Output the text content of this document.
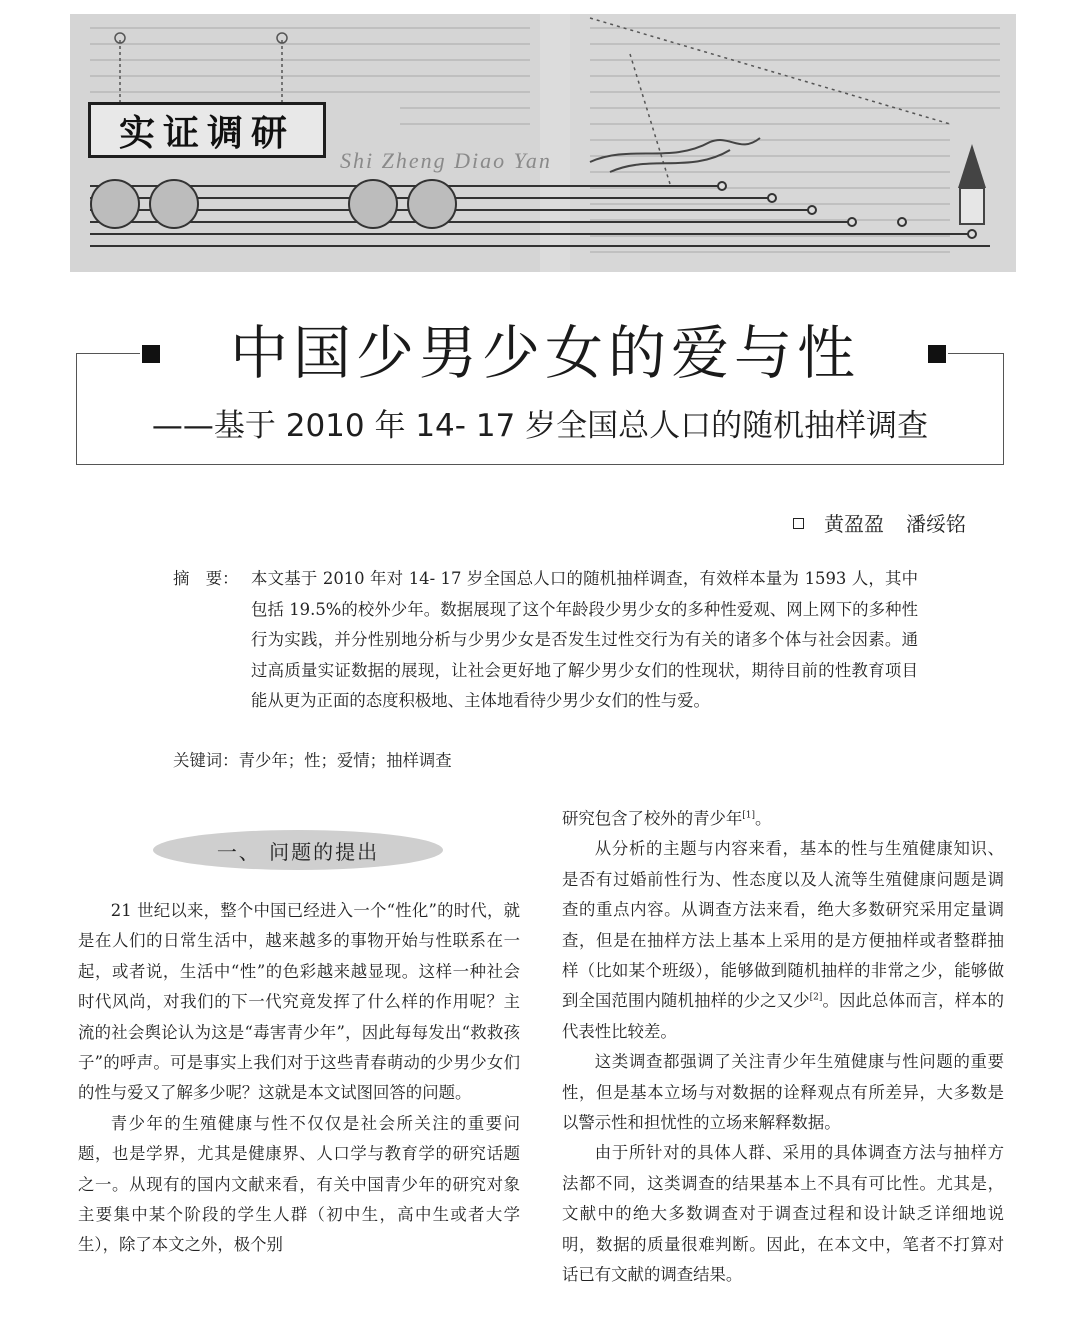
实证调研
Shi Zheng Diao Yan
中国少男少女的爱与性
——基于 2010 年 14- 17 岁全国总人口的随机抽样调查
黄盈盈 潘绥铭
摘　要： 本文基于 2010 年对 14- 17 岁全国总人口的随机抽样调查，有效样本量为 1593 人，其中包括 19.5%的校外少年。数据展现了这个年龄段少男少女的多种性爱观、网上网下的多种性行为实践，并分性别地分析与少男少女是否发生过性交行为有关的诸多个体与社会因素。通过高质量实证数据的展现，让社会更好地了解少男少女们的性现状，期待目前的性教育项目能从更为正面的态度积极地、主体地看待少男少女们的性与爱。
关键词：青少年；性；爱情；抽样调查
一、 问题的提出

21 世纪以来，整个中国已经进入一个“性化”的时代，就是在人们的日常生活中，越来越多的事物开始与性联系在一起，或者说，生活中“性”的色彩越来越显现。这样一种社会时代风尚，对我们的下一代究竟发挥了什么样的作用呢？主流的社会舆论认为这是“毒害青少年”，因此每每发出“救救孩子”的呼声。可是事实上我们对于这些青春萌动的少男少女们的性与爱又了解多少呢？这就是本文试图回答的问题。

青少年的生殖健康与性不仅仅是社会所关注的重要问题，也是学界，尤其是健康界、人口学与教育学的研究话题之一。从现有的国内文献来看，有关中国青少年的研究对象主要集中某个阶段的学生人群（初中生，高中生或者大学生），除了本文之外，极个别

研究包含了校外的青少年[1]。

从分析的主题与内容来看，基本的性与生殖健康知识、是否有过婚前性行为、性态度以及人流等生殖健康问题是调查的重点内容。从调查方法来看，绝大多数研究采用定量调查，但是在抽样方法上基本上采用的是方便抽样或者整群抽样（比如某个班级），能够做到随机抽样的非常之少，能够做到全国范围内随机抽样的少之又少[2]。因此总体而言，样本的代表性比较差。

这类调查都强调了关注青少年生殖健康与性问题的重要性，但是基本立场与对数据的诠释观点有所差异，大多数是以警示性和担忧性的立场来解释数据。

由于所针对的具体人群、采用的具体调查方法与抽样方法都不同，这类调查的结果基本上不具有可比性。尤其是，文献中的绝大多数调查对于调查过程和设计缺乏详细地说明，数据的质量很难判断。因此，在本文中，笔者不打算对话已有文献的调查结果。
